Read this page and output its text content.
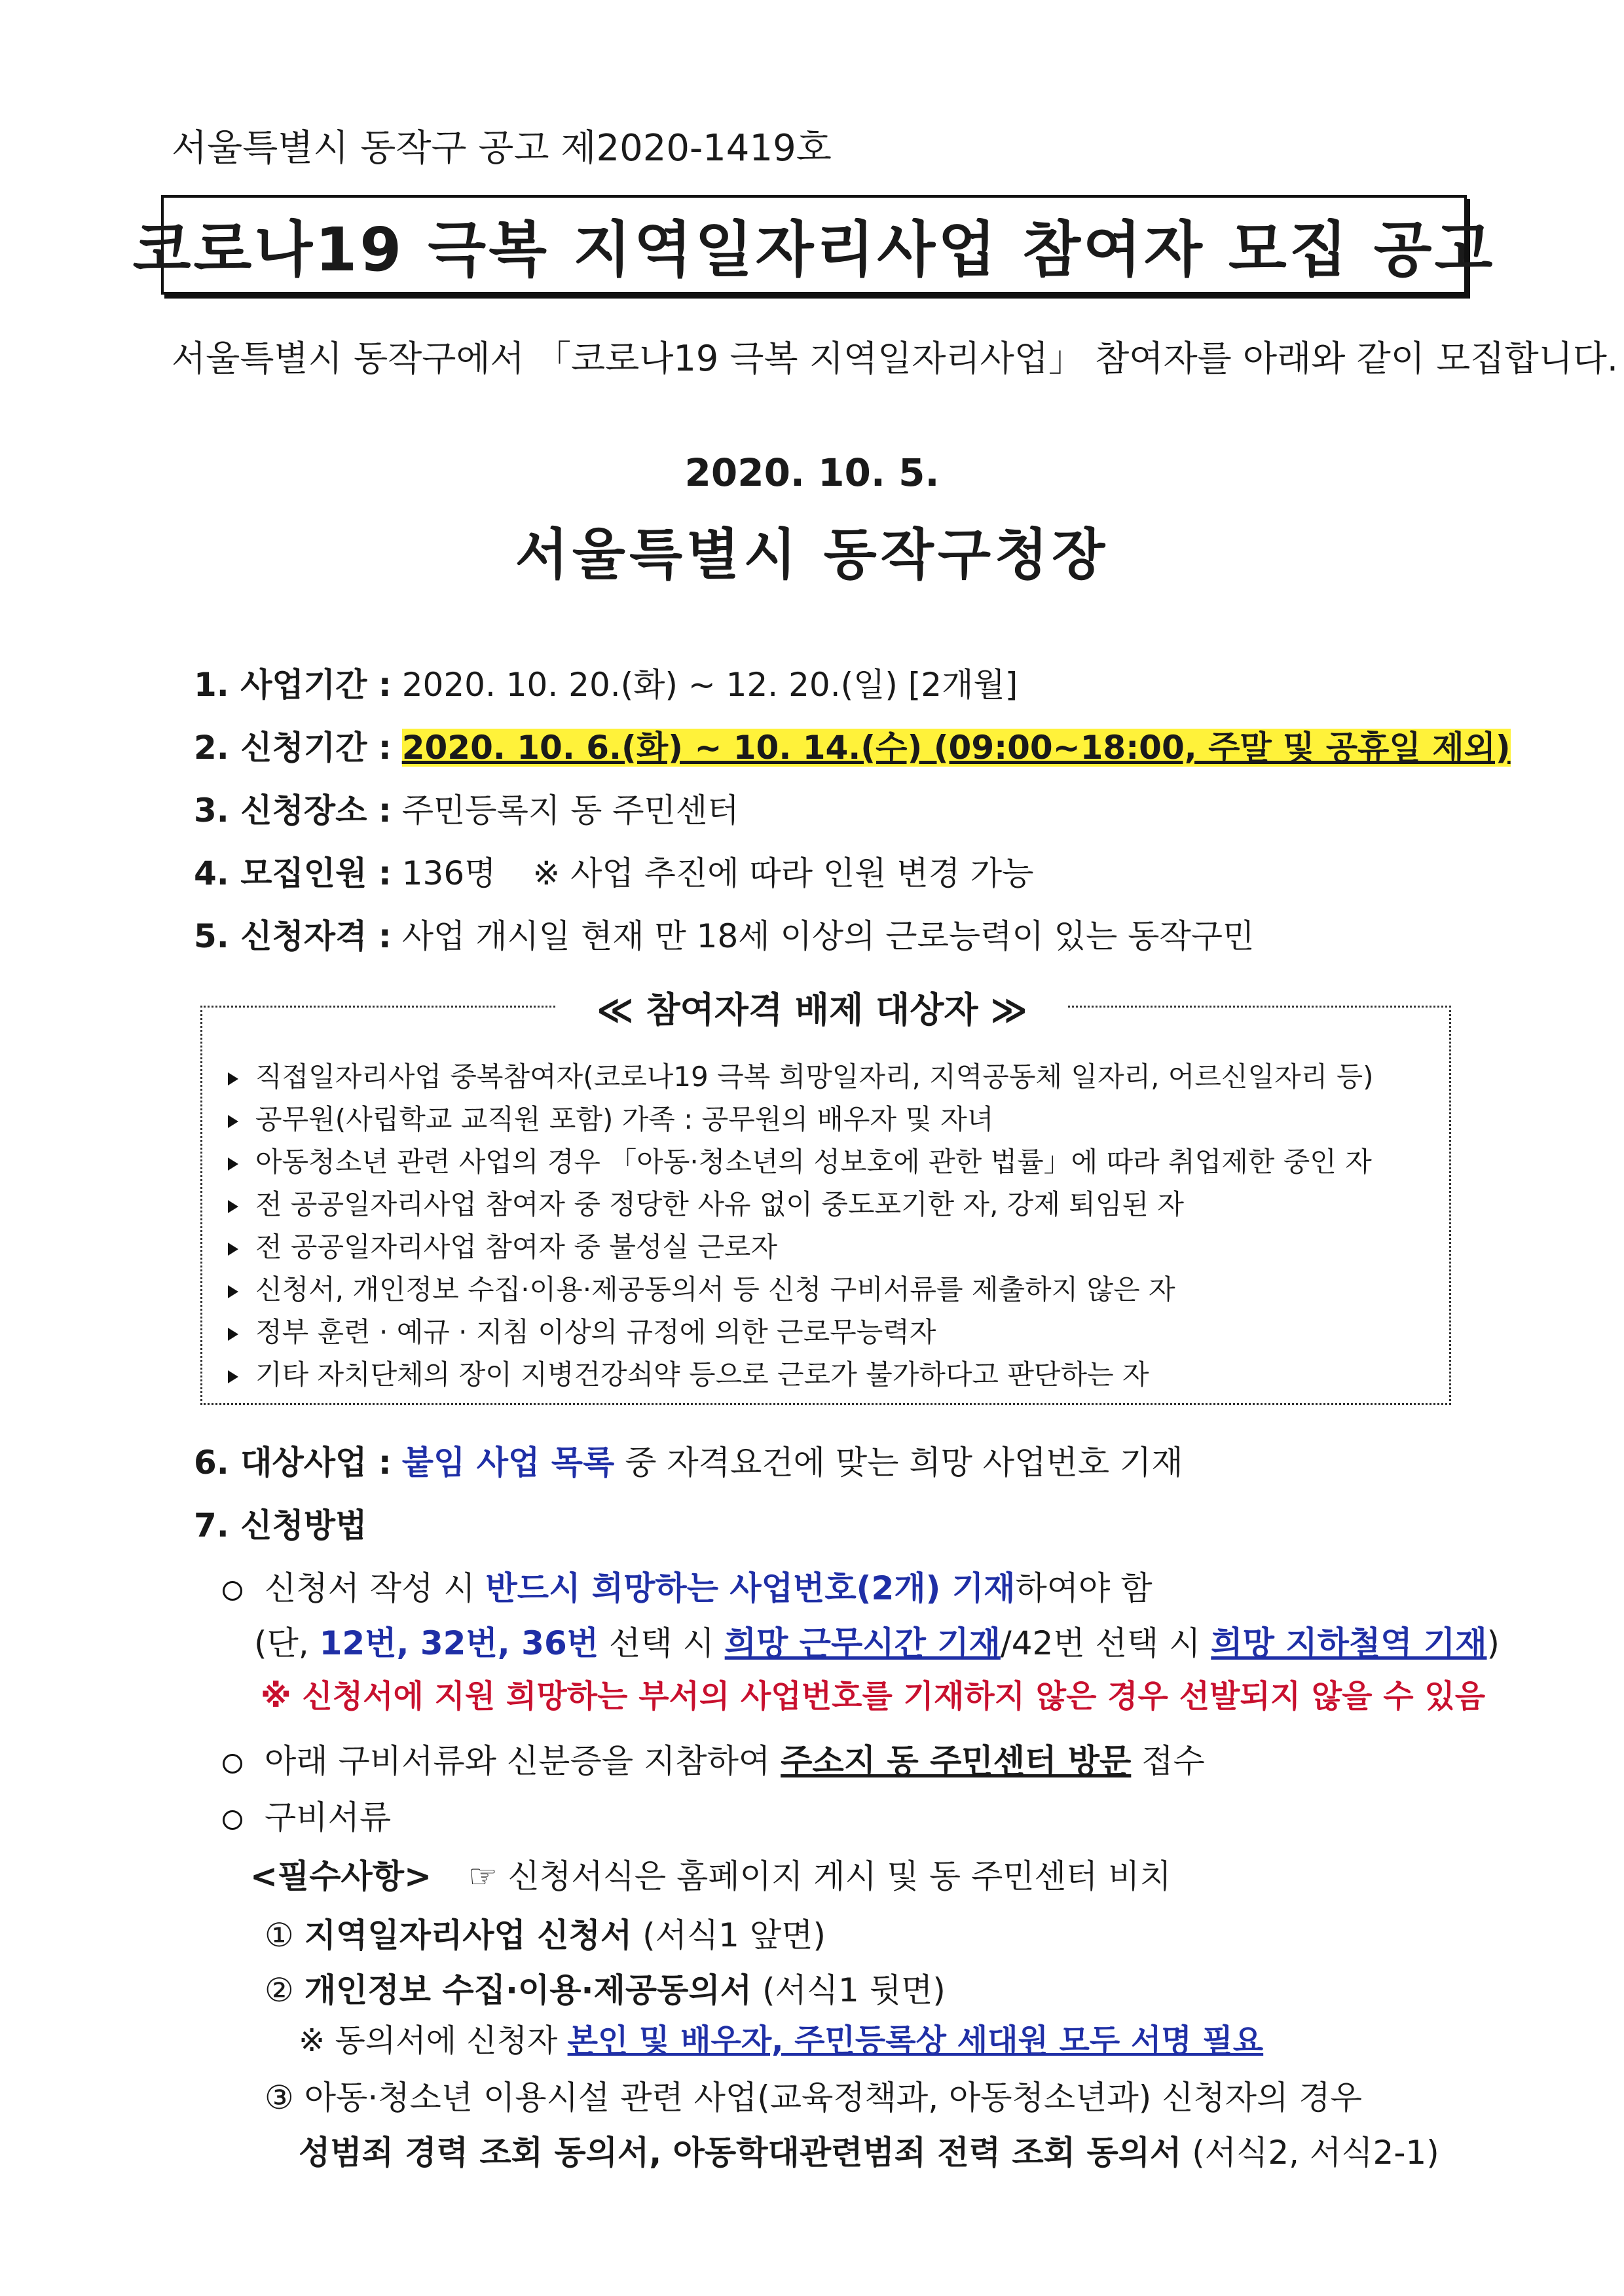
서울특별시 동작구 공고 제2020-1419호
코로나19 극복 지역일자리사업 참여자 모집 공고
서울특별시 동작구에서 「코로나19 극복 지역일자리사업」 참여자를 아래와 같이 모집합니다.
2020. 10. 5.
서울특별시 동작구청장
1. 사업기간 : 2020. 10. 20.(화) ~ 12. 20.(일) [2개월]
2. 신청기간 : 2020. 10. 6.(화) ~ 10. 14.(수) (09:00~18:00, 주말 및 공휴일 제외)
3. 신청장소 : 주민등록지 동 주민센터
4. 모집인원 : 136명 ※ 사업 추진에 따라 인원 변경 가능
5. 신청자격 : 사업 개시일 현재 만 18세 이상의 근로능력이 있는 동작구민
≪ 참여자격 배제 대상자 ≫
직접일자리사업 중복참여자(코로나19 극복 희망일자리, 지역공동체 일자리, 어르신일자리 등)
공무원(사립학교 교직원 포함) 가족 : 공무원의 배우자 및 자녀
아동청소년 관련 사업의 경우 「아동·청소년의 성보호에 관한 법률」에 따라 취업제한 중인 자
전 공공일자리사업 참여자 중 정당한 사유 없이 중도포기한 자, 강제 퇴임된 자
전 공공일자리사업 참여자 중 불성실 근로자
신청서, 개인정보 수집·이용·제공동의서 등 신청 구비서류를 제출하지 않은 자
정부 훈련 · 예규 · 지침 이상의 규정에 의한 근로무능력자
기타 자치단체의 장이 지병건강쇠약 등으로 근로가 불가하다고 판단하는 자
6. 대상사업 : 붙임 사업 목록 중 자격요건에 맞는 희망 사업번호 기재
7. 신청방법
신청서 작성 시 반드시 희망하는 사업번호(2개) 기재하여야 함
(단, 12번, 32번, 36번 선택 시 희망 근무시간 기재/42번 선택 시 희망 지하철역 기재)
※ 신청서에 지원 희망하는 부서의 사업번호를 기재하지 않은 경우 선발되지 않을 수 있음
아래 구비서류와 신분증을 지참하여 주소지 동 주민센터 방문 접수
구비서류
<필수사항> ☞ 신청서식은 홈페이지 게시 및 동 주민센터 비치
① 지역일자리사업 신청서 (서식1 앞면)
② 개인정보 수집·이용·제공동의서 (서식1 뒷면)
※ 동의서에 신청자 본인 및 배우자, 주민등록상 세대원 모두 서명 필요
③ 아동·청소년 이용시설 관련 사업(교육정책과, 아동청소년과) 신청자의 경우
성범죄 경력 조회 동의서, 아동학대관련범죄 전력 조회 동의서 (서식2, 서식2-1)
